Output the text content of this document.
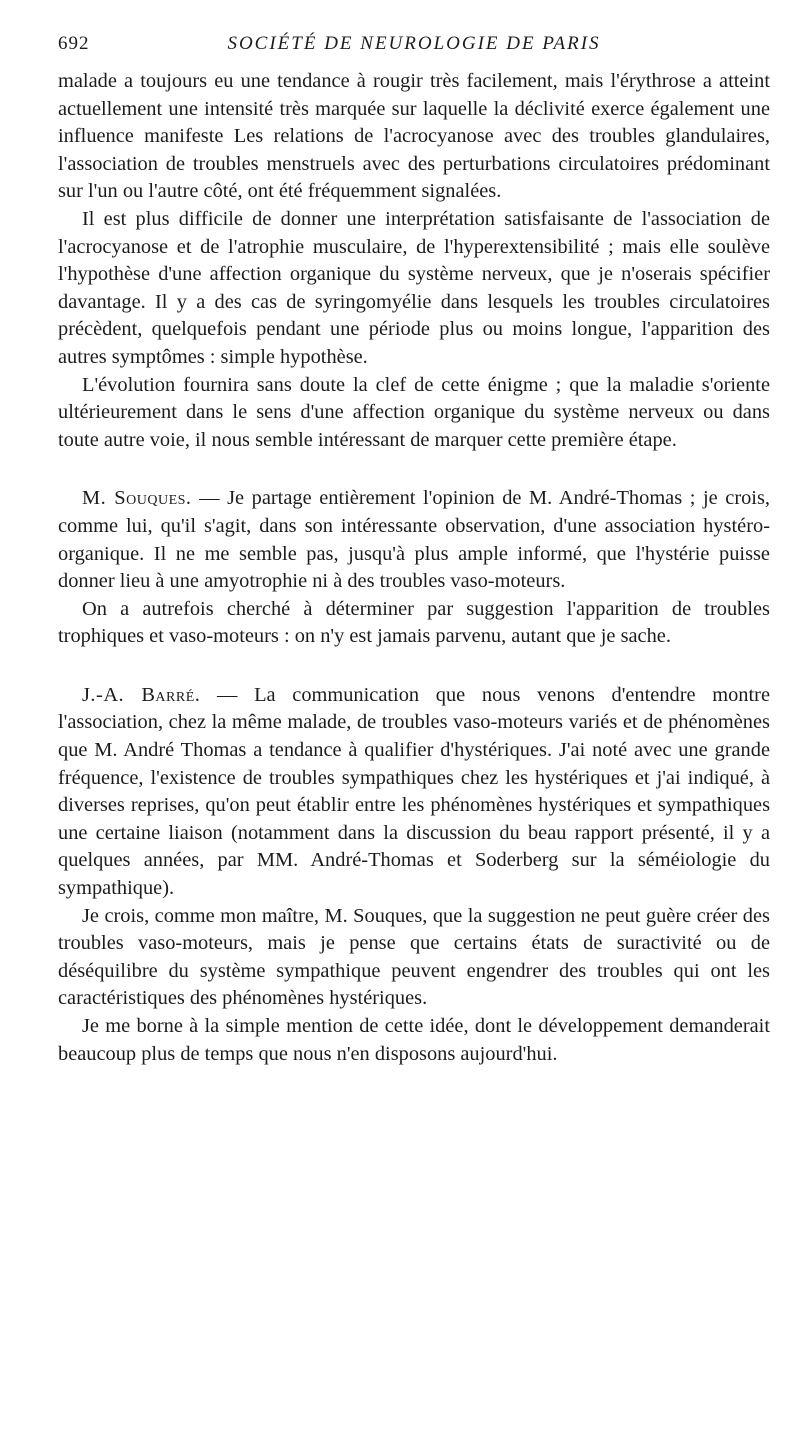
692	SOCIÉTÉ DE NEUROLOGIE DE PARIS

malade a toujours eu une tendance à rougir très facilement, mais l'érythrose a atteint actuellement une intensité très marquée sur laquelle la déclivité exerce également une influence manifeste Les relations de l'acrocyanose avec des troubles glandulaires, l'association de troubles menstruels avec des perturbations circulatoires prédominant sur l'un ou l'autre côté, ont été fréquemment signalées.

Il est plus difficile de donner une interprétation satisfaisante de l'association de l'acrocyanose et de l'atrophie musculaire, de l'hyperextensibilité ; mais elle soulève l'hypothèse d'une affection organique du système nerveux, que je n'oserais spécifier davantage. Il y a des cas de syringomyélie dans lesquels les troubles circulatoires précèdent, quelquefois pendant une période plus ou moins longue, l'apparition des autres symptômes : simple hypothèse.

L'évolution fournira sans doute la clef de cette énigme ; que la maladie s'oriente ultérieurement dans le sens d'une affection organique du système nerveux ou dans toute autre voie, il nous semble intéressant de marquer cette première étape.

M. Souques. — Je partage entièrement l'opinion de M. André-Thomas ; je crois, comme lui, qu'il s'agit, dans son intéressante observation, d'une association hystéro-organique. Il ne me semble pas, jusqu'à plus ample informé, que l'hystérie puisse donner lieu à une amyotrophie ni à des troubles vaso-moteurs.

On a autrefois cherché à déterminer par suggestion l'apparition de troubles trophiques et vaso-moteurs : on n'y est jamais parvenu, autant que je sache.

J.-A. Barré. — La communication que nous venons d'entendre montre l'association, chez la même malade, de troubles vaso-moteurs variés et de phénomènes que M. André Thomas a tendance à qualifier d'hystériques. J'ai noté avec une grande fréquence, l'existence de troubles sympathiques chez les hystériques et j'ai indiqué, à diverses reprises, qu'on peut établir entre les phénomènes hystériques et sympathiques une certaine liaison (notamment dans la discussion du beau rapport présenté, il y a quelques années, par MM. André-Thomas et Soderberg sur la séméiologie du sympathique).

Je crois, comme mon maître, M. Souques, que la suggestion ne peut guère créer des troubles vaso-moteurs, mais je pense que certains états de suractivité ou de déséquilibre du système sympathique peuvent engendrer des troubles qui ont les caractéristiques des phénomènes hystériques.

Je me borne à la simple mention de cette idée, dont le développement demanderait beaucoup plus de temps que nous n'en disposons aujourd'hui.
